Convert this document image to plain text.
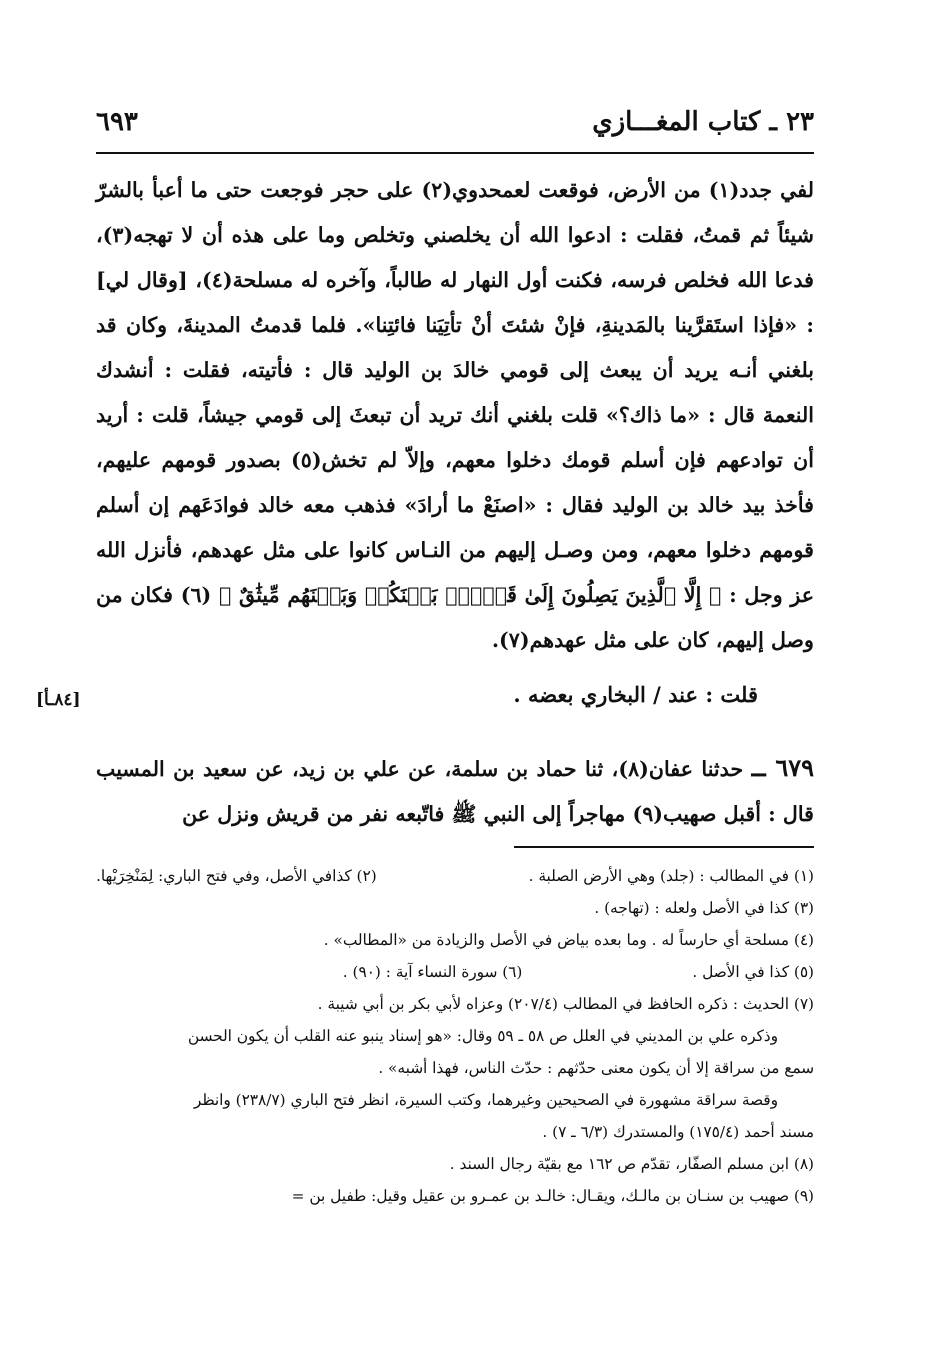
٢٣ ـ كتاب المغـــازي
٦٩٣

لفي جدد(١) من الأرض، فوقعت لعمحدوي(٢) على حجر فوجعت حتى ما أعبأ بالشرّ شيئاً ثم قمتُ، فقلت : ادعوا الله أن يخلصني وتخلص وما على هذه أن لا تهجه(٣)، فدعا الله فخلص فرسه، فكنت أول النهار له طالباً، وآخره له مسلحة(٤)، [وقال لي] : «فإذا استَقرَّينا بالمَدينةِ، فإنْ شئتَ أنْ تأتِيَنا فائتِنا». فلما قدمتُ المدينةَ، وكان قد بلغني أنـه يريد أن يبعث إلى قومي خالدَ بن الوليد قال : فأتيته، فقلت : أنشدك النعمة قال : «ما ذاك؟» قلت بلغني أنك تريد أن تبعثَ إلى قومي جيشاً، قلت : أريد أن توادعهم فإن أسلم قومك دخلوا معهم، وإلاّ لم تخش(٥) بصدور قومهم عليهم، فأخذ بيد خالد بن الوليد فقال : «اصنَعْ ما أرادَ» فذهب معه خالد فوادَعَهم إن أسلم قومهم دخلوا معهم، ومن وصـل إليهم من النـاس كانوا على مثل عهدهم، فأنزل الله عز وجل : ﴿ إِلَّا ٱلَّذِينَ يَصِلُونَ إِلَىٰ قَوۡمِۭ بَيۡنَكُمۡ وَبَيۡنَهُم مِّيثَٰقٌ ﴾ (٦) فكان من وصل إليهم، كان على مثل عهدهم(٧).

قلت : عند / البخاري بعضه .
[٨٤ـأ]
٦٧٩ ــ حدثنا عفان(٨)، ثنا حماد بن سلمة، عن علي بن زيد، عن سعيد بن المسيب قال : أقبل صهيب(٩) مهاجراً إلى النبي ﷺ فاتّبعه نفر من قريش ونزل عن
(١) في المطالب : (جلد) وهي الأرض الصلبة .
(٢) كذافي الأصل، وفي فتح الباري: لِمَنْخِرَيْها.
(٣) كذا في الأصل ولعله : (تهاجه) .
(٤) مسلحة أي حارساً له . وما بعده بياض في الأصل والزيادة من «المطالب» .
(٥) كذا في الأصل .
(٦) سورة النساء آية : (٩٠) .
(٧) الحديث : ذكره الحافظ في المطالب (٢٠٧/٤) وعزاه لأبي بكر بن أبي شيبة .
وذكره علي بن المديني في العلل ص ٥٨ ـ ٥٩ وقال: «هو إسناد ينبو عنه القلب أن يكون الحسن
سمع من سراقة إلا أن يكون معنى حدّثهم : حدّث الناس، فهذا أشبه» .
وقصة سراقة مشهورة في الصحيحين وغيرهما، وكتب السيرة، انظر فتح الباري (٢٣٨/٧) وانظر
مسند أحمد (١٧٥/٤) والمستدرك (٦/٣ ـ ٧) .
(٨) ابن مسلم الصفّار، تقدّم ص ١٦٢ مع بقيّة رجال السند .
(٩) صهيب بن سنـان بن مالـك، ويقـال: خالـد بن عمـرو بن عقيل وقيل: طفيل بن =
